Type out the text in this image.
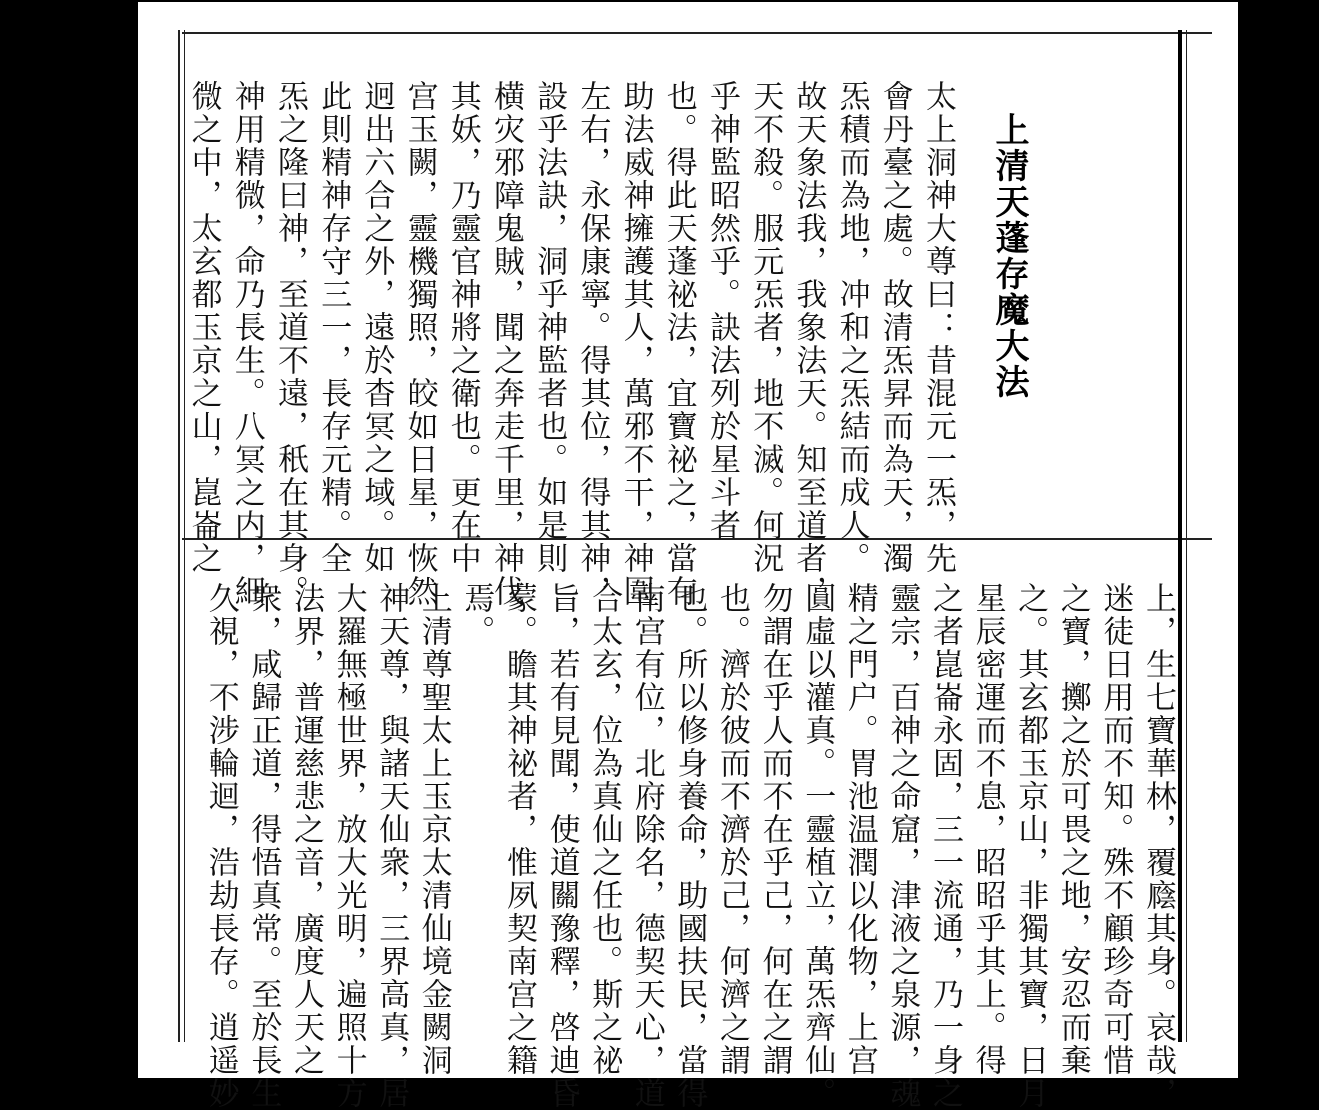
上清天蓬存魔大法
太上洞神大尊曰：昔混元一炁，先
會丹臺之處。故清炁昇而為天，濁
炁積而為地，冲和之炁結而成人。
故天象法我，我象法天。知至道者，
天不殺。服元炁者，地不滅。何況
乎神監昭然乎。訣法列於星斗者
也。得此天蓬祕法，宜寶祕之，當有
助法威神擁護其人，萬邪不干，神圍
左右，永保康寧。得其位，得其神，
設乎法訣，洞乎神監者也。如是則
横灾邪障鬼賊，聞之奔走千里，神伐
其妖，乃靈官神將之衛也。更在中
宫玉闕，靈機獨照，皎如日星，恢然
迥出六合之外，遠於杳冥之域。如
此則精神存守三一，長存元精。全
炁之隆曰神，至道不遠，秖在其身。
神用精微，命乃長生。八冥之内，細
微之中，太玄都玉京之山，崑崙之
上，生七寶華林，覆廕其身。哀哉，
迷徒日用而不知。殊不顧珍奇可惜
之寶，擲之於可畏之地，安忍而棄
之。其玄都玉京山，非獨其寶，日月
星辰密運而不息，昭昭乎其上。得
之者崑崙永固，三一流通，乃一身之
靈宗，百神之命窟，津液之泉源，魂
精之門户。胃池温潤以化物，上宫
圓虛以灌真。一靈植立，萬炁齊仙。
勿謂在乎人而不在乎己，何在之謂
也。濟於彼而不濟於己，何濟之謂
也。所以修身養命，助國扶民，當得
南宫有位，北府除名，德契天心，道
合太玄，位為真仙之任也。斯之祕
旨，若有見聞，使道關豫釋，啓迪昏
蒙。瞻其神祕者，惟夙契南宫之籍
焉。
上清尊聖太上玉京太清仙境金闕洞
神天尊，與諸天仙衆，三界高真，居
大羅無極世界，放大光明，遍照十方
法界，普運慈悲之音，廣度人天之
衆，咸歸正道，得悟真常。至於長生
久視，不涉輪迴，浩劫長存。逍遥妙
